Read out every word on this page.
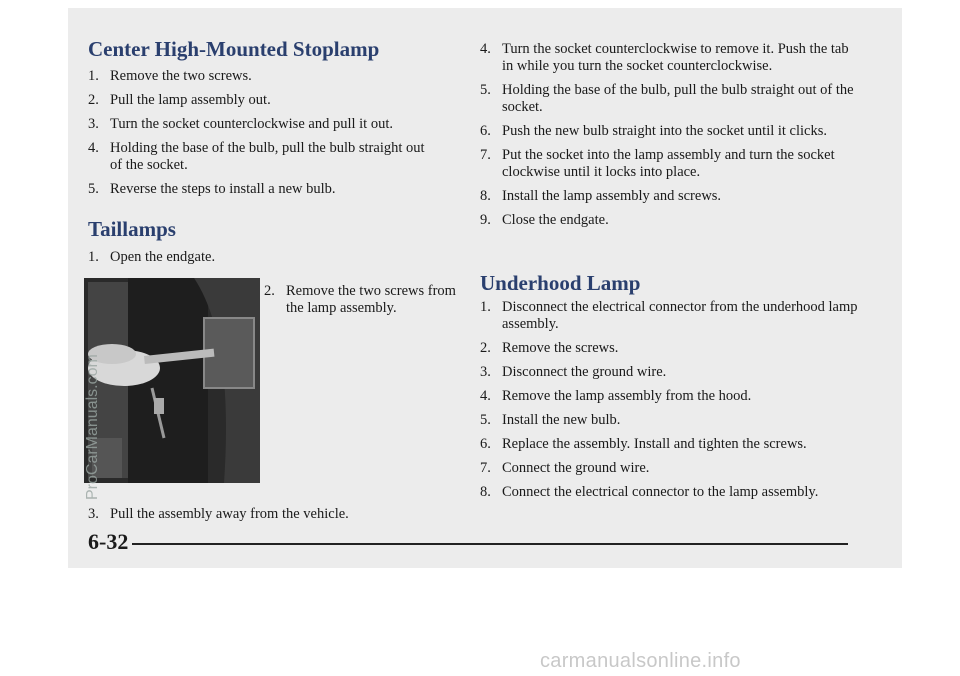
Center High-Mounted Stoplamp
1. Remove the two screws.
2. Pull the lamp assembly out.
3. Turn the socket counterclockwise and pull it out.
4. Holding the base of the bulb, pull the bulb straight out of the socket.
5. Reverse the steps to install a new bulb.
Taillamps
1. Open the endgate.
2. Remove the two screws from the lamp assembly.
3. Pull the assembly away from the vehicle.
4. Turn the socket counterclockwise to remove it. Push the tab in while you turn the socket counterclockwise.
5. Holding the base of the bulb, pull the bulb straight out of the socket.
6. Push the new bulb straight into the socket until it clicks.
7. Put the socket into the lamp assembly and turn the socket clockwise until it locks into place.
8. Install the lamp assembly and screws.
9. Close the endgate.
Underhood Lamp
1. Disconnect the electrical connector from the underhood lamp assembly.
2. Remove the screws.
3. Disconnect the ground wire.
4. Remove the lamp assembly from the hood.
5. Install the new bulb.
6. Replace the assembly. Install and tighten the screws.
7. Connect the ground wire.
8. Connect the electrical connector to the lamp assembly.
6-32
ProCarManuals.com
carmanualsonline.info
